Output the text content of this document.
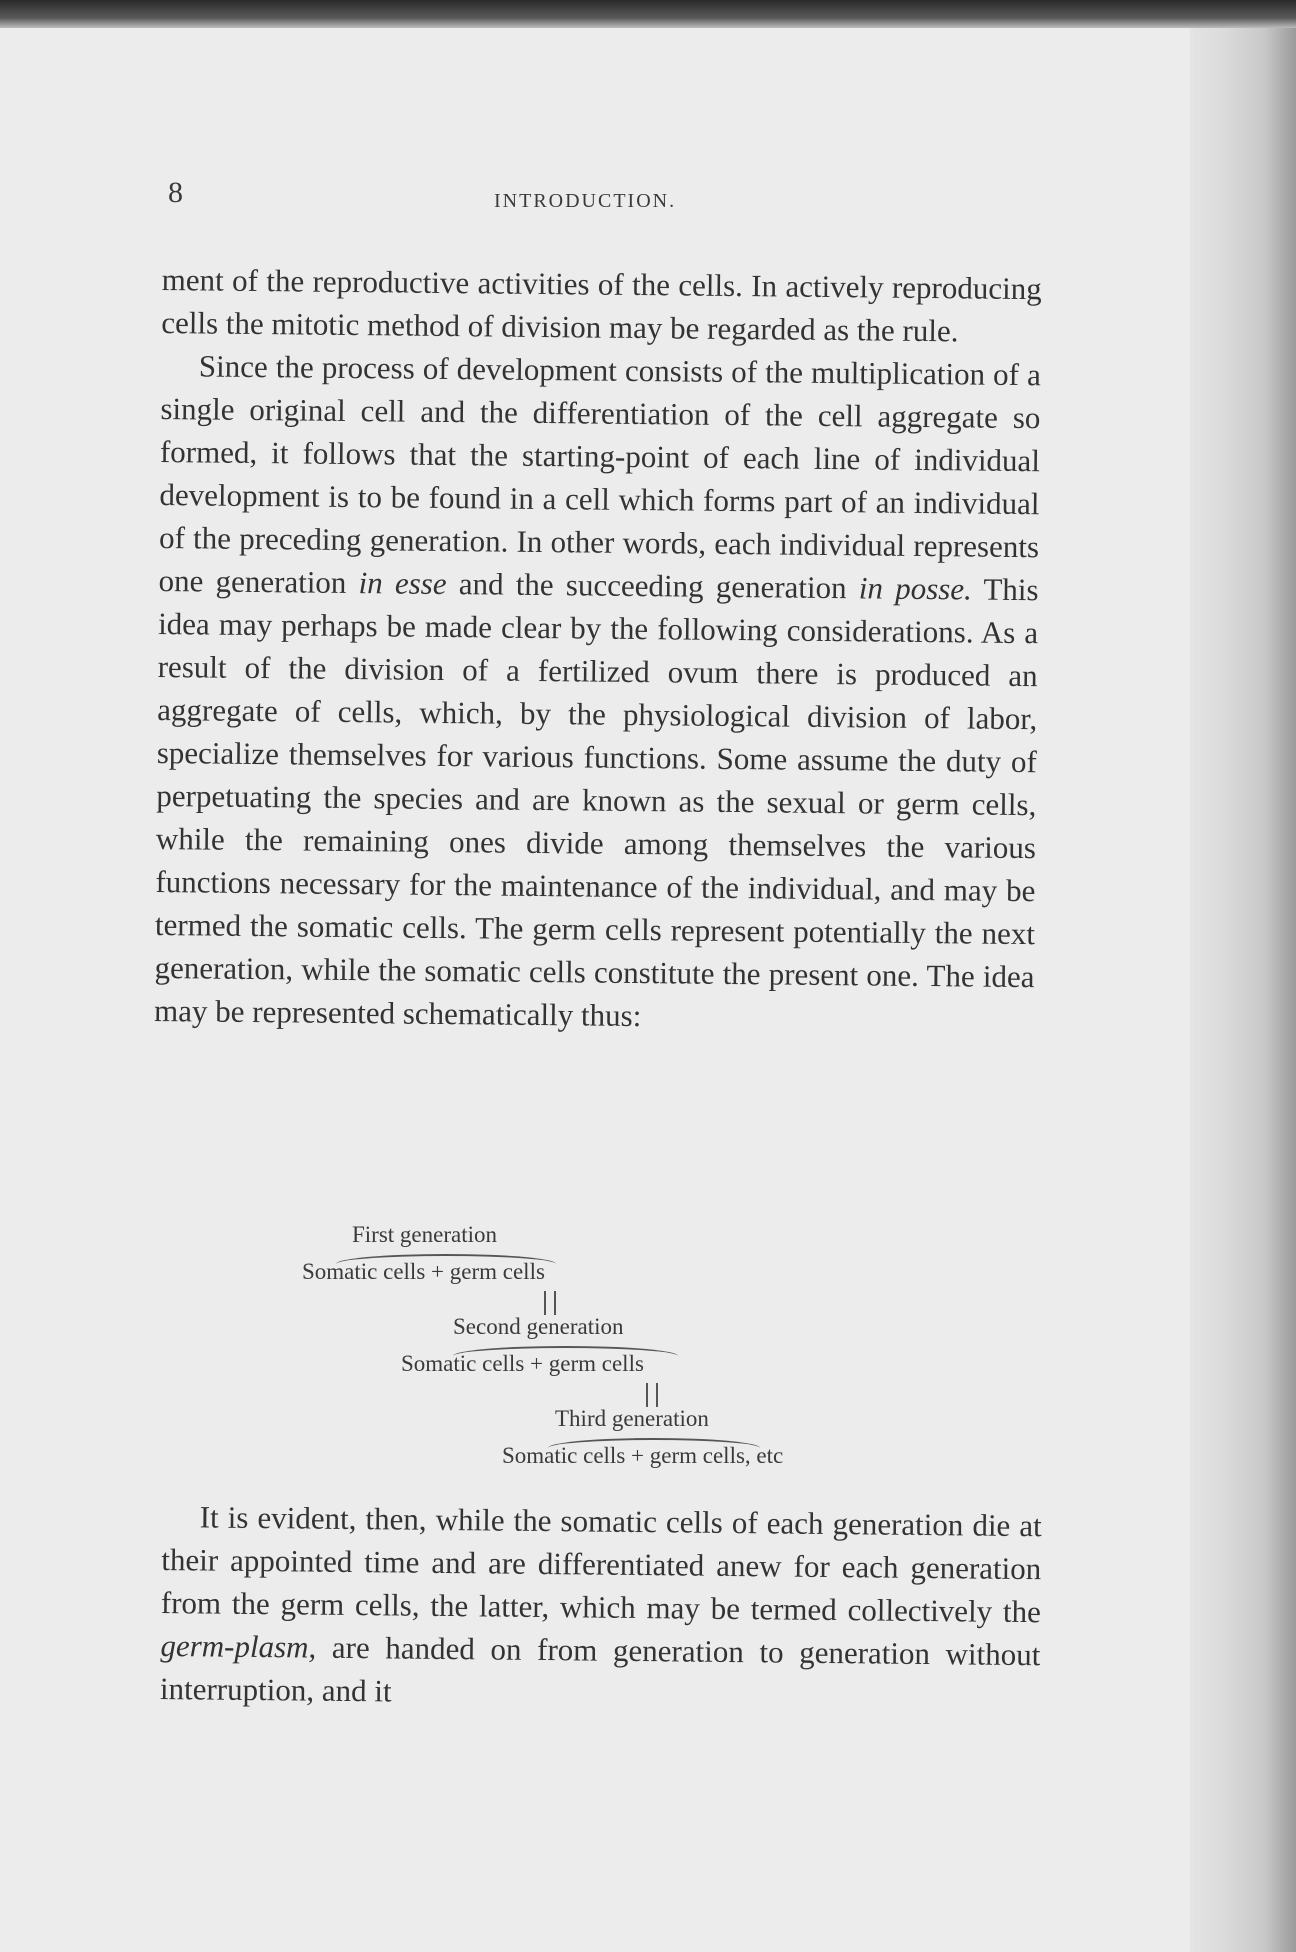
8	INTRODUCTION.

ment of the reproductive activities of the cells. In actively reproducing cells the mitotic method of division may be regarded as the rule.

Since the process of development consists of the multiplication of a single original cell and the differentiation of the cell aggregate so formed, it follows that the starting-point of each line of individual development is to be found in a cell which forms part of an individual of the preceding generation. In other words, each individual represents one generation in esse and the succeeding generation in posse. This idea may perhaps be made clear by the following considerations. As a result of the division of a fertilized ovum there is produced an aggregate of cells, which, by the physiological division of labor, specialize themselves for various functions. Some assume the duty of perpetuating the species and are known as the sexual or germ cells, while the remaining ones divide among themselves the various functions necessary for the maintenance of the individual, and may be termed the somatic cells. The germ cells represent potentially the next generation, while the somatic cells constitute the present one. The idea may be represented schematically thus:

First generation
Somatic cells + germ cells
Second generation
Somatic cells + germ cells
Third generation
Somatic cells + germ cells, etc

It is evident, then, while the somatic cells of each generation die at their appointed time and are differentiated anew for each generation from the germ cells, the latter, which may be termed collectively the germ-plasm, are handed on from generation to generation without interruption, and it
